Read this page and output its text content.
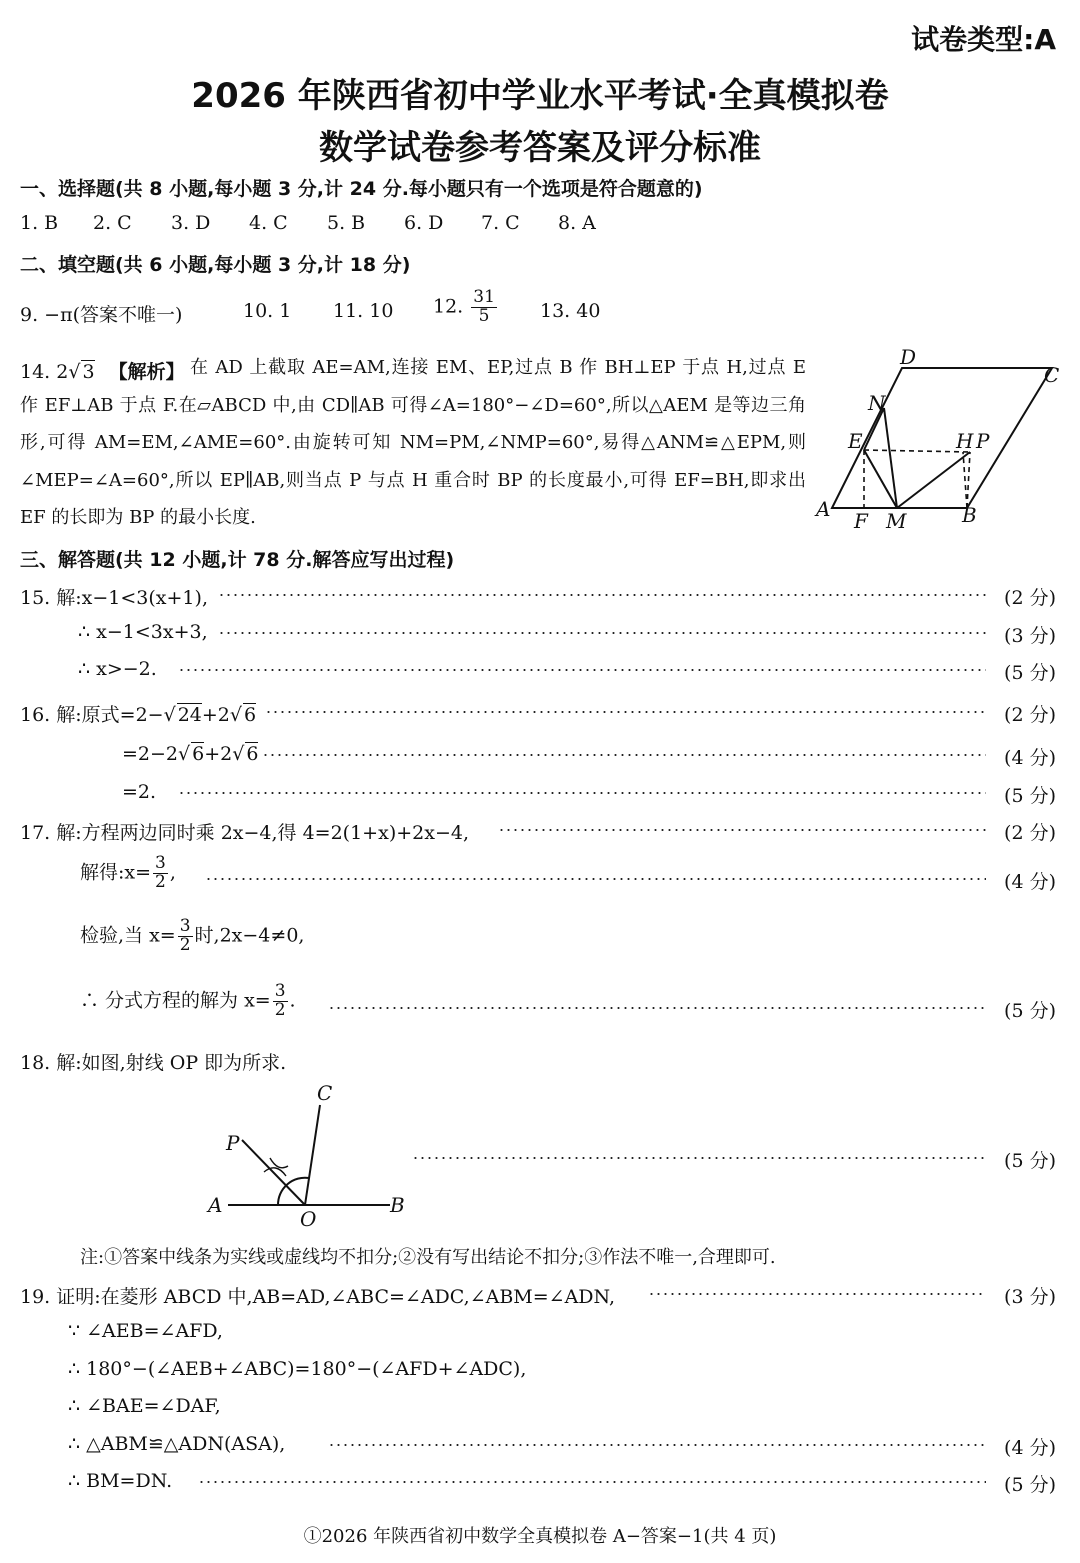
试卷类型:A
2026 年陕西省初中学业水平考试·全真模拟卷
数学试卷参考答案及评分标准
一、选择题(共 8 小题,每小题 3 分,计 24 分.每小题只有一个选项是符合题意的)
1. B 2. C 3. D 4. C 5. B 6. D 7. C 8. A
二、填空题(共 6 小题,每小题 3 分,计 18 分)
9. −π(答案不唯一)	10. 1 11. 10 12. $\frac{31}{5} 13$. 40
14. 2√ 3 【解析】 在 AD 上截取 AE=AM,连接 EM、EP,过点 B 作 BH⊥EP 于点 H,过点 E 作 EF⊥AB 于点 F.在▱ABCD 中,由 CD∥AB 可得∠A=180°−∠D=60°,所以△AEM 是等边三角形,可得 AM=EM,∠AME=60°.由旋转可知 NM=PM,∠NMP=60°,易得△ANM≌△EPM,则∠MEP=∠A=60°,所以 EP∥AB,则当点 P 与点 H 重合时 BP 的长度最小,可得 EF=BH,即求出 EF 的长即为 BP 的最小长度.
D
C
N
E	H P
A F M	B
三、解答题(共 12 小题,计 78 分.解答应写出过程)
15. 解:x−1<3(x+1),	(2 分)
∴ x−1<3x+3,	(3 分)
∴ x>−2.	(5 分)
16. 解:原式=2−√ 24+2√ 6	(2 分)
=2−2√ 6+2√ 6	(4 分)
=2.	(5 分)
17. 解:方程两边同时乘 2x−4,得 4=2(1+x)+2x−4,	(2 分)
解得:x= $\frac{3}{2}$ ,	(4 分)
检验,当 $x= \frac{3}{2}$ 时,2x−4≠0,
∴ 分式方程的解为 $x= \frac{3}{2}$ .	(5 分)
18. 解:如图,射线 OP 即为所求.
C
P
A
O
B
(5 分)
注:①答案中线条为实线或虚线均不扣分;②没有写出结论不扣分;③作法不唯一,合理即可.
19. 证明:在菱形 ABCD 中,AB=AD,∠ABC=∠ADC,∠ABM=∠ADN,	(3 分)
∵ ∠AEB=∠AFD,
∴ 180°−(∠AEB+∠ABC)=180°−(∠AFD+∠ADC),
∴ ∠BAE=∠DAF,
∴ △ABM≌△ADN(ASA),	(4 分)
∴ BM=DN.	(5 分)
①2026 年陕西省初中数学全真模拟卷 A−答案−1(共 4 页)
